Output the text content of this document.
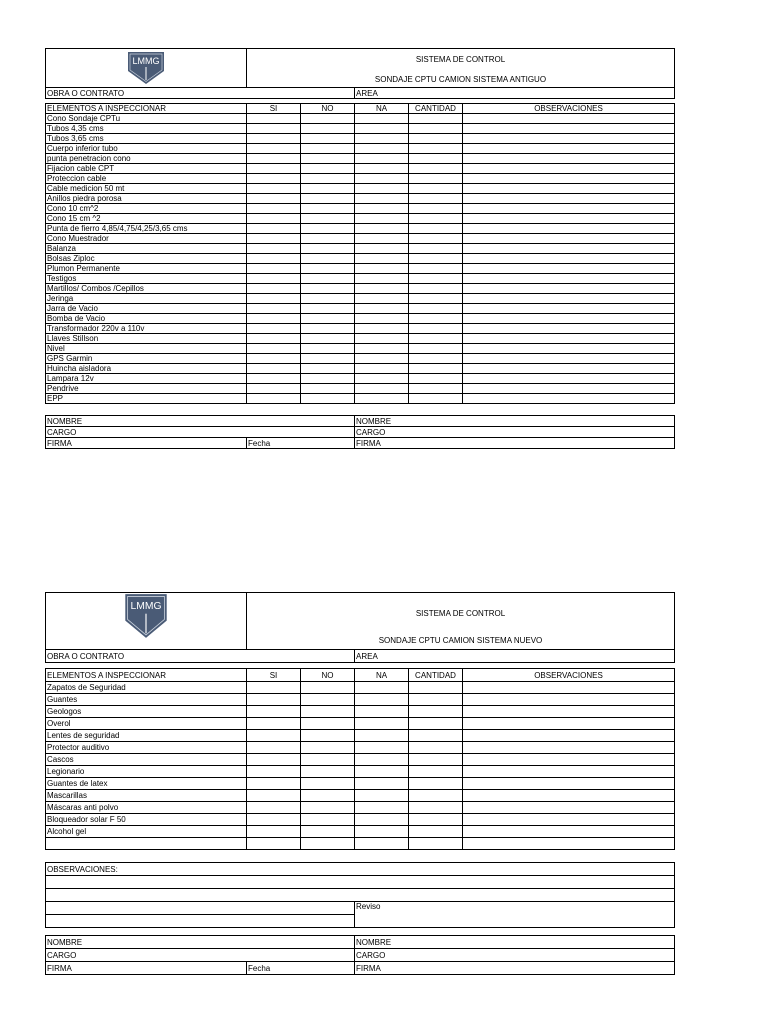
LMMG	SISTEMA DE CONTROL
SONDAJE CPTU CAMION SISTEMA ANTIGUO
OBRA O CONTRATO	AREA
ELEMENTOS A INSPECCIONAR	SI	NO	NA	CANTIDAD	OBSERVACIONES
Cono Sondaje CPTu					
Tubos 4,35 cms					
Tubos 3,65 cms					
Cuerpo inferior tubo					
punta penetracion cono					
Fijacion cable CPT					
Proteccion cable					
Cable medicion 50 mt					
Anillos piedra porosa					
Cono 10 cm^2					
Cono 15 cm ^2					
Punta de fierro 4,85/4,75/4,25/3,65 cms					
Cono Muestrador					
Balanza					
Bolsas Ziploc					
Plumon Permanente					
Testigos					
Martillos/ Combos /Cepillos					
Jeringa					
Jarra de Vacio					
Bomba de Vacio					
Transformador 220v a 110v					
Llaves Stillson					
Nivel					
GPS Garmin					
Huincha aisladora					
Lampara 12v					
Pendrive					
EPP					
NOMBRE		NOMBRE
CARGO		CARGO
FIRMA	Fecha	FIRMA
LMMG

SISTEMA DE CONTROL
SONDAJE CPTU CAMION SISTEMA NUEVO
OBRA O CONTRATO	AREA
ELEMENTOS A INSPECCIONAR	SI	NO	NA	CANTIDAD	OBSERVACIONES
Zapatos de Seguridad					
Guantes					
Geologos					
Overol					
Lentes de seguridad					
Protector auditivo					
Cascos					
Legionario					
Guantes de latex					
Mascarillas					
Máscaras anti polvo					
Bloqueador solar F 50					
Alcohol gel					

OBSERVACIONES:

	Reviso

NOMBRE		NOMBRE
CARGO		CARGO
FIRMA	Fecha	FIRMA
